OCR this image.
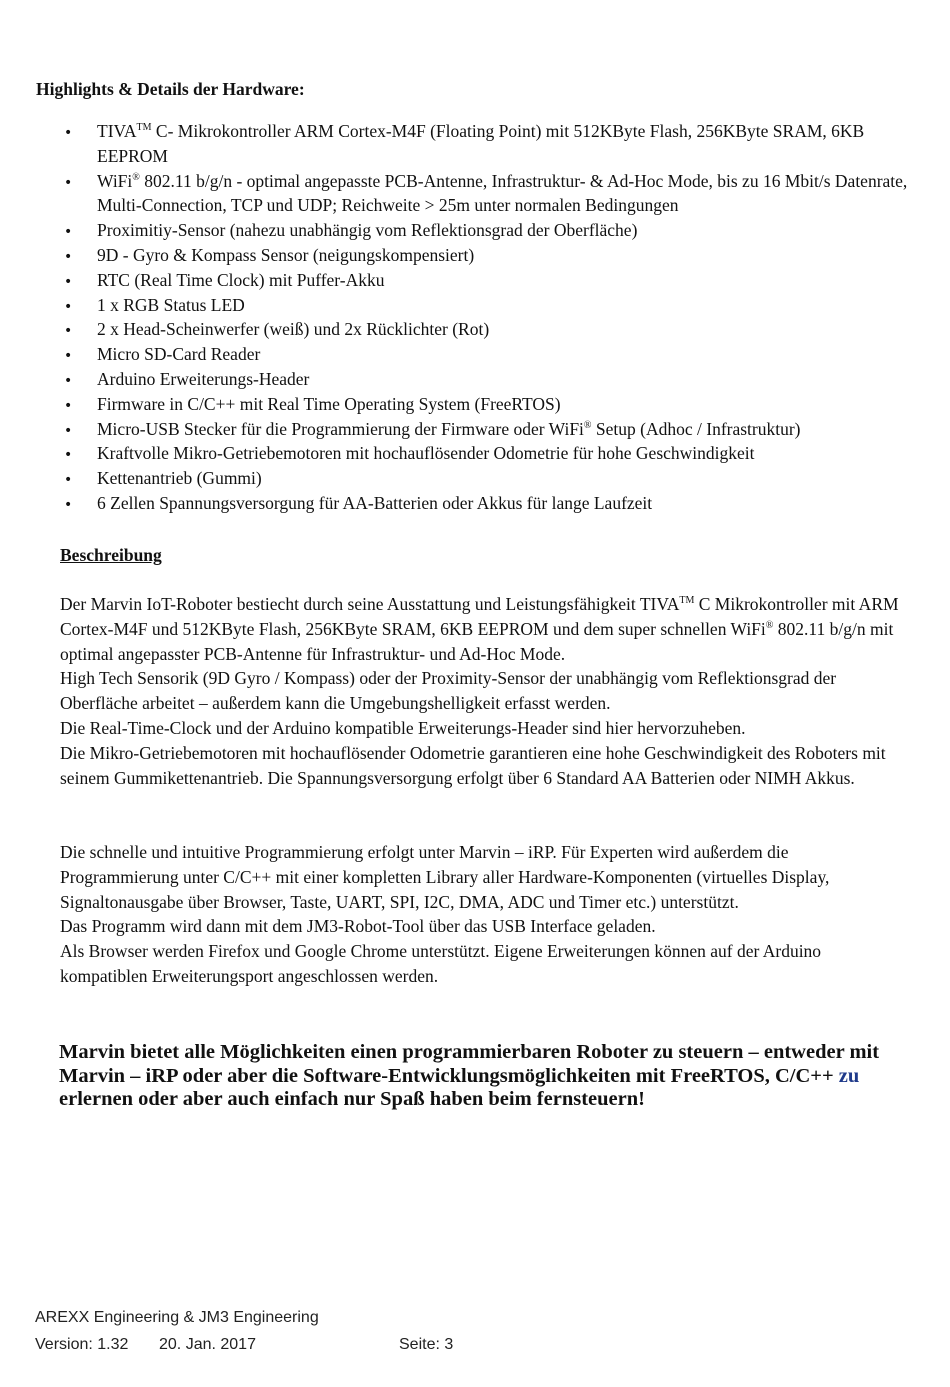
Highlights & Details der Hardware:
•
TIVA™ C- Mikrokontroller ARM Cortex-M4F (Floating Point) mit 512KByte Flash, 256KByte SRAM, 6KB EEPROM
•
WiFi® 802.11 b/g/n - optimal angepasste PCB-Antenne, Infrastruktur- & Ad-Hoc Mode, bis zu 16 Mbit/s Datenrate, Multi-Connection, TCP und UDP; Reichweite > 25m unter normalen Bedingungen
•
Proximitiy-Sensor (nahezu unabhängig vom Reflektionsgrad der Oberfläche)
•
9D - Gyro & Kompass Sensor (neigungskompensiert)
•
RTC (Real Time Clock) mit Puffer-Akku
•
1 x RGB Status LED
•
2 x Head-Scheinwerfer (weiß) und 2x Rücklichter (Rot)
•
Micro SD-Card Reader
•
Arduino Erweiterungs-Header
•
Firmware in C/C++ mit Real Time Operating System (FreeRTOS)
•
Micro-USB Stecker für die Programmierung der Firmware oder WiFi® Setup (Adhoc / Infrastruktur)
•
Kraftvolle Mikro-Getriebemotoren mit hochauflösender Odometrie für hohe Geschwindigkeit
•
Kettenantrieb (Gummi)
•
6 Zellen Spannungsversorgung für AA-Batterien oder Akkus für lange Laufzeit
Beschreibung

Der Marvin IoT-Roboter bestiecht durch seine Ausstattung und Leistungsfähigkeit TIVA™ C Mikrokontroller mit ARM Cortex-M4F und 512KByte Flash, 256KByte SRAM, 6KB EEPROM und dem super schnellen WiFi® 802.11 b/g/n mit optimal angepasster PCB-Antenne für Infrastruktur- und Ad-Hoc Mode.
High Tech Sensorik (9D Gyro / Kompass) oder der Proximity-Sensor der unabhängig vom Reflektionsgrad der Oberfläche arbeitet – außerdem kann die Umgebungshelligkeit erfasst werden.
Die Real-Time-Clock und der Arduino kompatible Erweiterungs-Header sind hier hervorzuheben.
Die Mikro-Getriebemotoren mit hochauflösender Odometrie garantieren eine hohe Geschwindigkeit des Roboters mit seinem Gummikettenantrieb. Die Spannungsversorgung erfolgt über 6 Standard AA Batterien oder NIMH Akkus.

Die schnelle und intuitive Programmierung erfolgt unter Marvin – iRP. Für Experten wird außerdem die Programmierung unter C/C++ mit einer kompletten Library aller Hardware-Komponenten (virtuelles Display, Signaltonausgabe über Browser, Taste, UART, SPI, I2C, DMA, ADC und Timer etc.) unterstützt.
Das Programm wird dann mit dem JM3-Robot-Tool über das USB Interface geladen.
Als Browser werden Firefox und Google Chrome unterstützt. Eigene Erweiterungen können auf der Arduino kompatiblen Erweiterungsport angeschlossen werden.

Marvin bietet alle Möglichkeiten einen programmierbaren Roboter zu steuern – entweder mit Marvin – iRP oder aber die Software-Entwicklungsmöglichkeiten mit FreeRTOS, C/C++ zu erlernen oder aber auch einfach nur Spaß haben beim fernsteuern!
AREXX Engineering & JM3 Engineering
Version: 1.32 20. Jan. 2017	Seite: 3
